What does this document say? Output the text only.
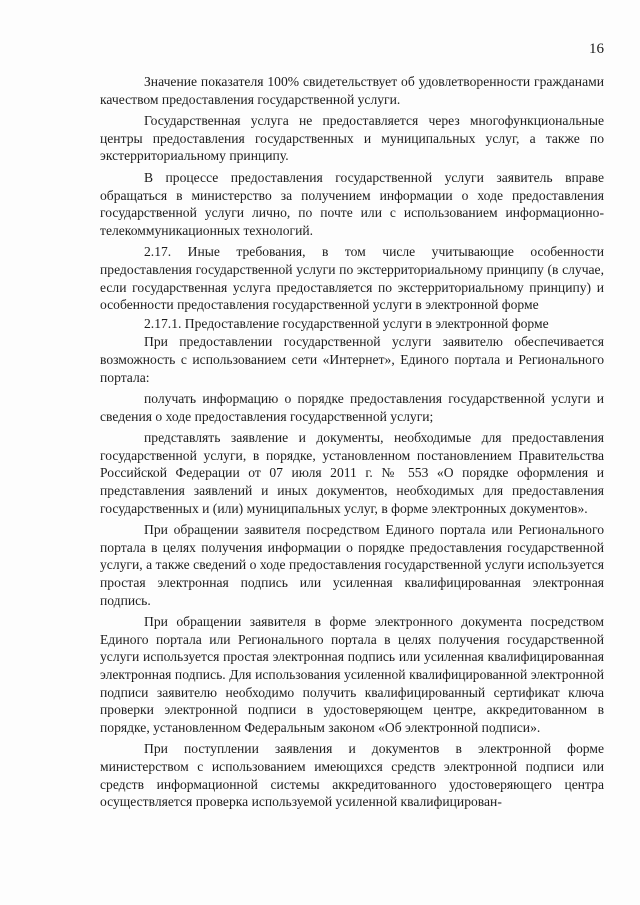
16

Значение показателя 100% свидетельствует об удовлетворенности гражданами качеством предоставления государственной услуги.

Государственная услуга не предоставляется через многофункциональные центры предоставления государственных и муниципальных услуг, а также по экстерриториальному принципу.

В процессе предоставления государственной услуги заявитель вправе обращаться в министерство за получением информации о ходе предоставления государственной услуги лично, по почте или с использованием информационно-телекоммуникационных технологий.

2.17. Иные требования, в том числе учитывающие особенности предоставления государственной услуги по экстерриториальному принципу (в случае, если государственная услуга предоставляется по экстерриториальному принципу) и особенности предоставления государственной услуги в электронной форме

2.17.1. Предоставление государственной услуги в электронной форме

При предоставлении государственной услуги заявителю обеспечивается возможность с использованием сети «Интернет», Единого портала и Регионального портала:

получать информацию о порядке предоставления государственной услуги и сведения о ходе предоставления государственной услуги;

представлять заявление и документы, необходимые для предоставления государственной услуги, в порядке, установленном постановлением Правительства Российской Федерации от 07 июля 2011 г. № 553 «О порядке оформления и представления заявлений и иных документов, необходимых для предоставления государственных и (или) муниципальных услуг, в форме электронных документов».

При обращении заявителя посредством Единого портала или Регионального портала в целях получения информации о порядке предоставления государственной услуги, а также сведений о ходе предоставления государственной услуги используется простая электронная подпись или усиленная квалифицированная электронная подпись.

При обращении заявителя в форме электронного документа посредством Единого портала или Регионального портала в целях получения государственной услуги используется простая электронная подпись или усиленная квалифицированная электронная подпись. Для использования усиленной квалифицированной электронной подписи заявителю необходимо получить квалифицированный сертификат ключа проверки электронной подписи в удостоверяющем центре, аккредитованном в порядке, установленном Федеральным законом «Об электронной подписи».

При поступлении заявления и документов в электронной форме министерством с использованием имеющихся средств электронной подписи или средств информационной системы аккредитованного удостоверяющего центра осуществляется проверка используемой усиленной квалифицирован-
